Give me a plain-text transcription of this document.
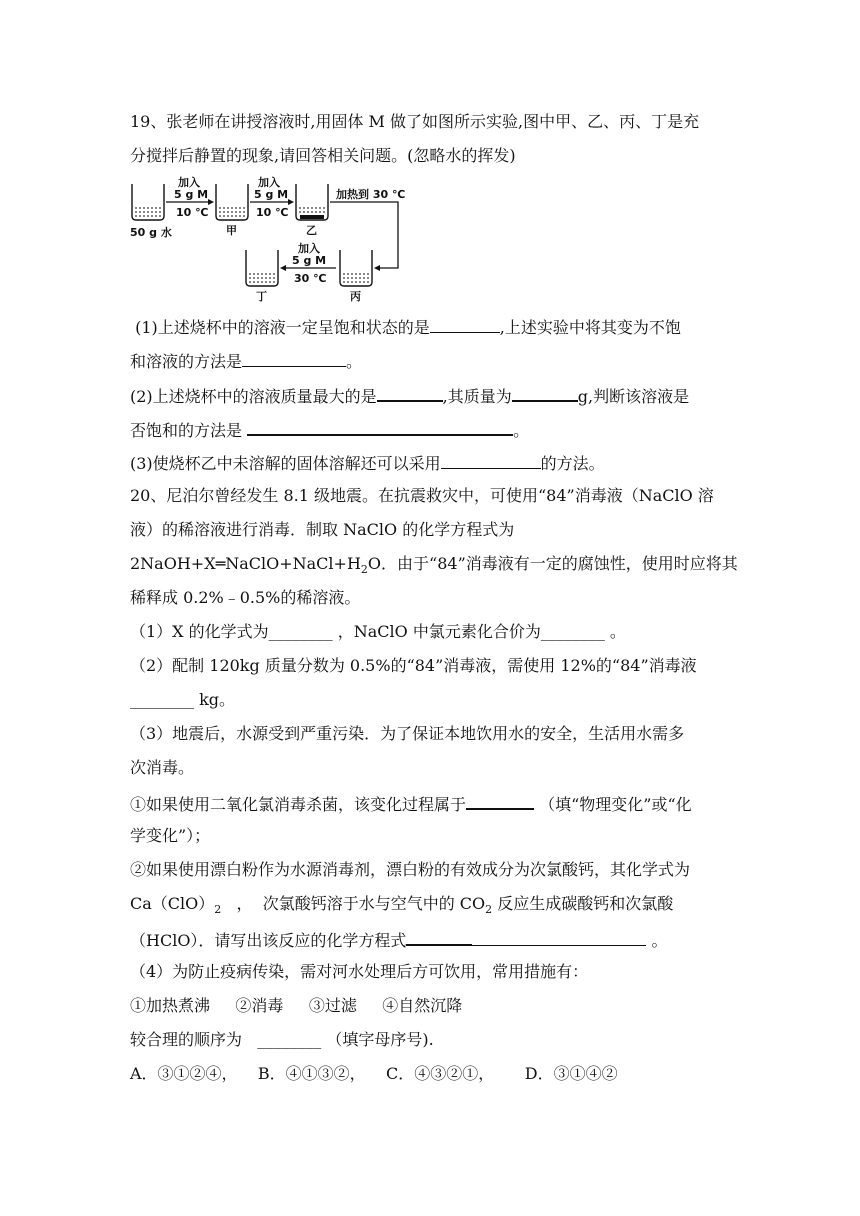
19、张老师在讲授溶液时,用固体 M 做了如图所示实验,图中甲、乙、丙、丁是充
分搅拌后静置的现象,请回答相关问题。(忽略水的挥发)
50 g 水
加入
5 g M
10 ℃
加入
5 g M
10 ℃
加热到 30 ℃
加入
5 g M
30 ℃
甲	乙
丙
丁
(1)上述烧杯中的溶液一定呈饱和状态的是	,上述实验中将其变为不饱
和溶液的方法是	。
(2)上述烧杯中的溶液质量最大的是	,其质量为	g,判断该溶液是
否饱和的方法是	。
(3)使烧杯乙中未溶解的固体溶解还可以采用	的方法。
20、尼泊尔曾经发生 8.1 级地震。在抗震救灾中，可使用“84”消毒液（NaClO 溶
液）的稀溶液进行消毒．制取 NaClO 的化学方程式为
$2NaOH+X═NaClO+NaCl+H_2O$．由于“84”消毒液有一定的腐蚀性，使用时应将其
稀释成 0.2%﹣0.5%的稀溶液。
（1）X 的化学式为________ ，NaClO 中氯元素化合价为________ 。
（2）配制 120kg 质量分数为 0.5%的“84”消毒液，需使用 12%的“84”消毒液
________ kg。
（3）地震后，水源受到严重污染．为了保证本地饮用水的安全，生活用水需多
次消毒。
①如果使用二氧化氯消毒杀菌，该变化过程属于	（填“物理变化”或“化
学变化”）；
②如果使用漂白粉作为水源消毒剂，漂白粉的有效成分为次氯酸钙，其化学式为
$Ca(ClO)_2$   ，  次氯酸钙溶于水与空气中的 $CO_2$ 反应生成碳酸钙和次氯酸
（HClO）．请写出该反应的化学方程式	。
（4）为防止疫病传染，需对河水处理后方可饮用，常用措施有：
①加热煮沸     ②消毒     ③过滤     ④自然沉降
较合理的顺序为   ________ （填字母序号).
A．③①②④，    B．④①③②，    C．④③②①，      D．③①④②
